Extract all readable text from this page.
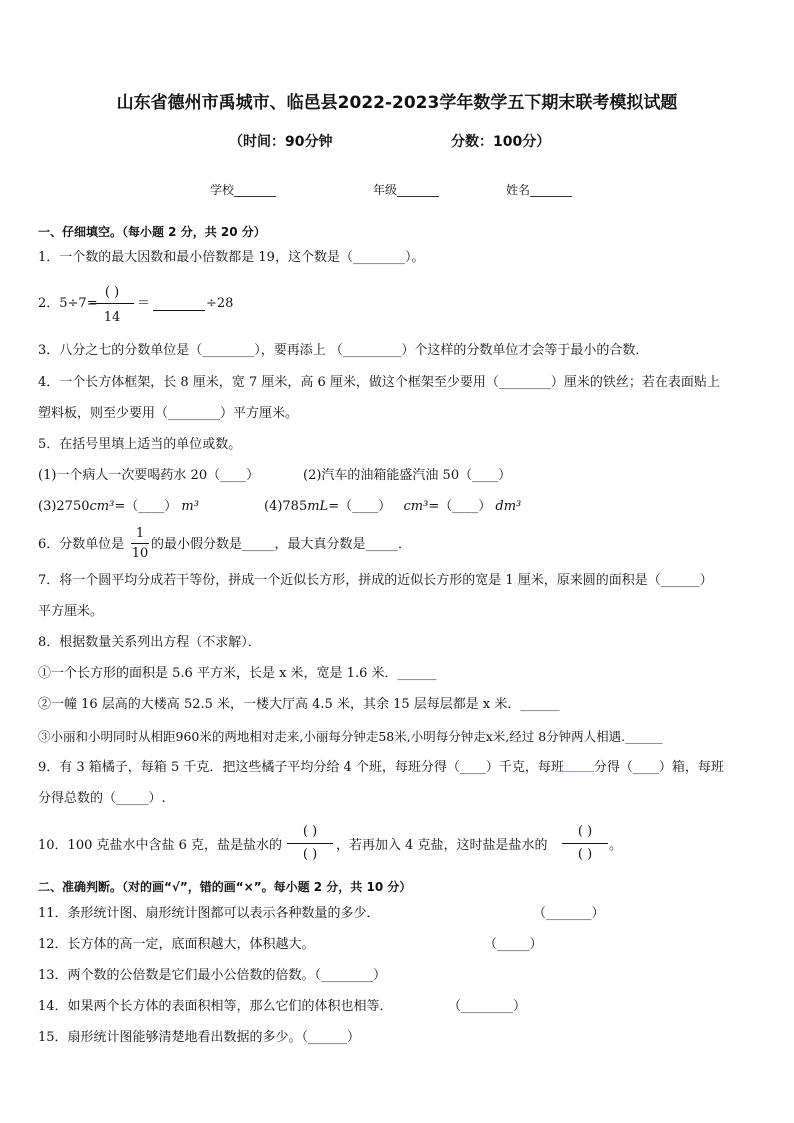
山东省德州市禹城市、临邑县2022-2023学年数学五下期末联考模拟试题
（时间：90分钟	分数：100分）
学校_______	年级_______	姓名_______
一、仔细填空。（每小题 2 分，共 20 分）
1．一个数的最大因数和最小倍数都是 19，这个数是（________）。
2．5÷7=
( )
14
＝	÷28
3．八分之七的分数单位是（________），要再添上 （_________）个这样的分数单位才会等于最小的合数．
4．一个长方体框架，长 8 厘米，宽 7 厘米，高 6 厘米，做这个框架至少要用（________）厘米的铁丝；若在表面贴上
塑料板，则至少要用（________）平方厘米。
5．在括号里填上适当的单位或数。
(1)一个病人一次要喝药水 20（____）	(2)汽车的油箱能盛汽油 50（____）
(3)2750cm³=（____） m³	(4)785mL=（____） cm³=（____） dm³
6．分数单位是
1
10
的最小假分数是_____，最大真分数是_____．
7．将一个圆平均分成若干等份，拼成一个近似长方形，拼成的近似长方形的宽是 1 厘米，原来圆的面积是（______）
平方厘米。
8．根据数量关系列出方程（不求解）．
①一个长方形的面积是 5.6 平方米，长是 x 米，宽是 1.6 米．______
②一幢 16 层高的大楼高 52.5 米，一楼大厅高 4.5 米，其余 15 层每层都是 x 米．______
③小丽和小明同时从相距960米的两地相对走来,小丽每分钟走58米,小明每分钟走x米,经过 8分钟两人相遇.______
9．有 3 箱橘子，每箱 5 千克．把这些橘子平均分给 4 个班，每班分得（____）千克，每班 分得（____）箱，每班
分得总数的（_____）.
10．100 克盐水中含盐 6 克，盐是盐水的
( )
( )
，若再加入 4 克盐，这时盐是盐水的
( )
( )
。
二、准确判断。（对的画“√”，错的画“×”。每小题 2 分，共 10 分）
11．条形统计图、扇形统计图都可以表示各种数量的多少．	（_______）
12．长方体的高一定，底面积越大，体积越大。	（_____）
13．两个数的公倍数是它们最小公倍数的倍数。（________）
14．如果两个长方体的表面积相等，那么它们的体积也相等．	（________）
15．扇形统计图能够清楚地看出数据的多少。（______）
